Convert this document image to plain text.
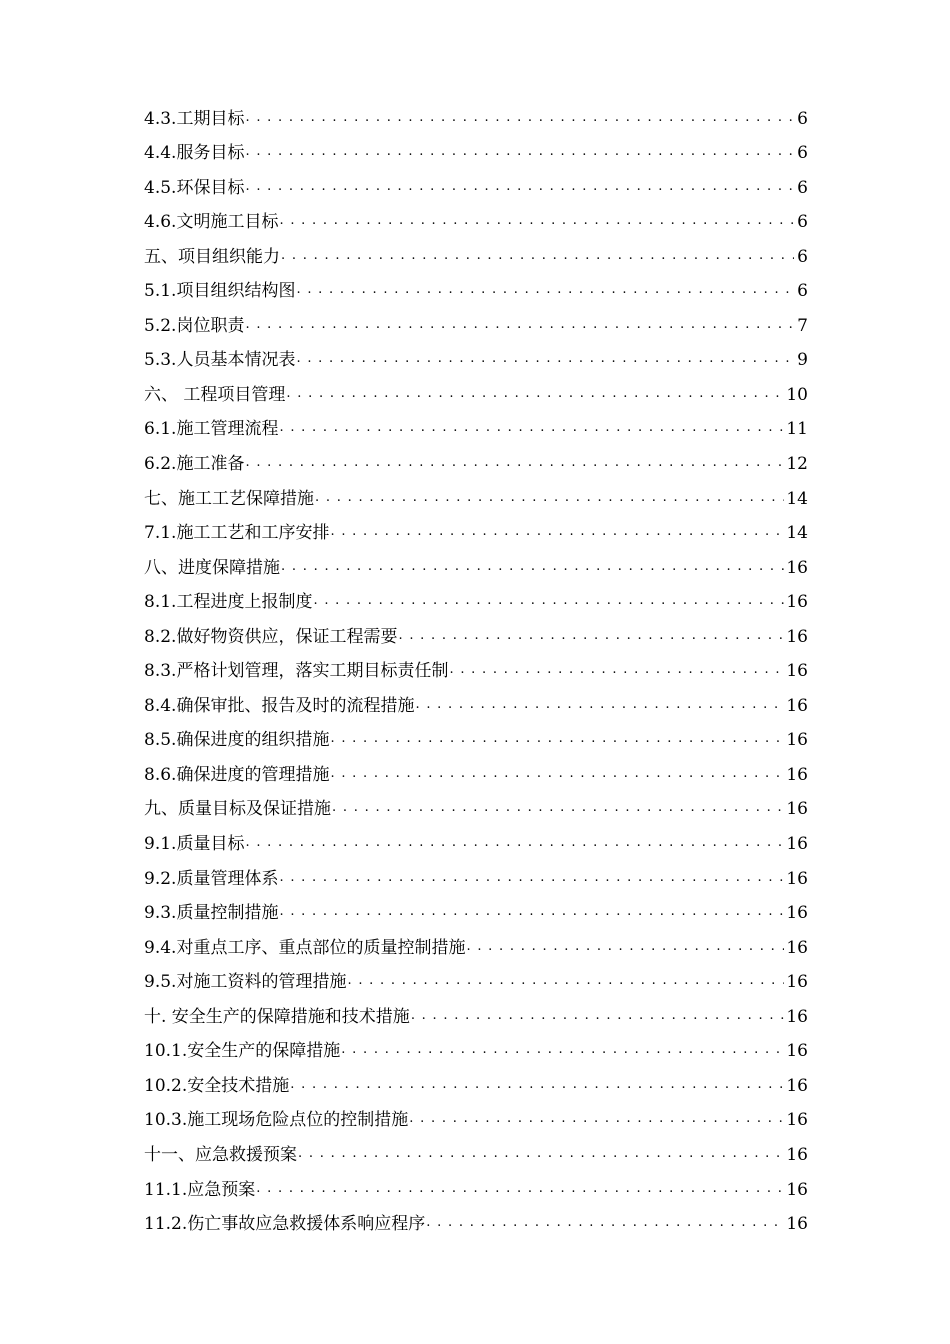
4.3.工期目标 . . .	6
4.4.服务目标 . . .	6
4.5.环保目标 . . .	6
4.6.文明施工目标 . . .	6
五、项目组织能力 . . .	6
5.1.项目组织结构图 . . .	6
5.2.岗位职责 . . .	7
5.3.人员基本情况表 . . .	9
六、 工程项目管理 . . .	10
6.1.施工管理流程 . . .	11
6.2.施工准备 . . .	12
七、施工工艺保障措施 . . .	14
7.1.施工工艺和工序安排 . . .	14
八、进度保障措施 . . .	16
8.1.工程进度上报制度 . . .	16
8.2.做好物资供应，保证工程需要 . . .	16
8.3.严格计划管理，落实工期目标责任制 . . .	16
8.4.确保审批、报告及时的流程措施 . . .	16
8.5.确保进度的组织措施 . . .	16
8.6.确保进度的管理措施 . . .	16
九、质量目标及保证措施 . . .	16
9.1.质量目标 . . .	16
9.2.质量管理体系 . . .	16
9.3.质量控制措施 . . .	16
9.4.对重点工序、重点部位的质量控制措施 . . .	16
9.5.对施工资料的管理措施 . . .	16
十. 安全生产的保障措施和技术措施 . . .	16
10.1.安全生产的保障措施 . . .	16
10.2.安全技术措施 . . .	16
10.3.施工现场危险点位的控制措施 . . .	16
十一、应急救援预案 . . .	16
11.1.应急预案 . . .	16
11.2.伤亡事故应急救援体系响应程序 . . .	16
